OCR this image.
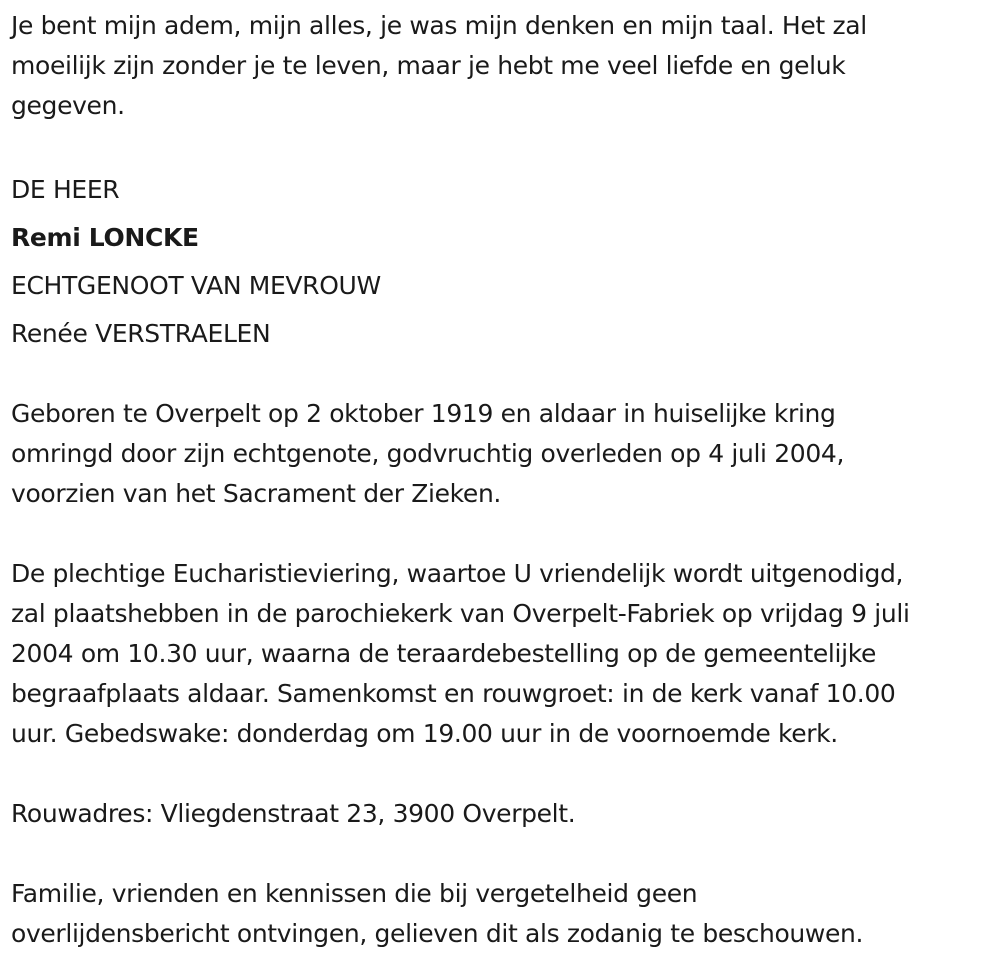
Je bent mijn adem, mijn alles, je was mijn denken en mijn taal. Het zal
moeilijk zijn zonder je te leven, maar je hebt me veel liefde en geluk
gegeven.

DE HEER

Remi LONCKE

ECHTGENOOT VAN MEVROUW

Renée VERSTRAELEN

Geboren te Overpelt op 2 oktober 1919 en aldaar in huiselijke kring
omringd door zijn echtgenote, godvruchtig overleden op 4 juli 2004,
voorzien van het Sacrament der Zieken.

De plechtige Eucharistieviering, waartoe U vriendelijk wordt uitgenodigd,
zal plaatshebben in de parochiekerk van Overpelt-Fabriek op vrijdag 9 juli
2004 om 10.30 uur, waarna de teraardebestelling op de gemeentelijke
begraafplaats aldaar. Samenkomst en rouwgroet: in de kerk vanaf 10.00
uur. Gebedswake: donderdag om 19.00 uur in de voornoemde kerk.

Rouwadres: Vliegdenstraat 23, 3900 Overpelt.

Familie, vrienden en kennissen die bij vergetelheid geen
overlijdensbericht ontvingen, gelieven dit als zodanig te beschouwen.
